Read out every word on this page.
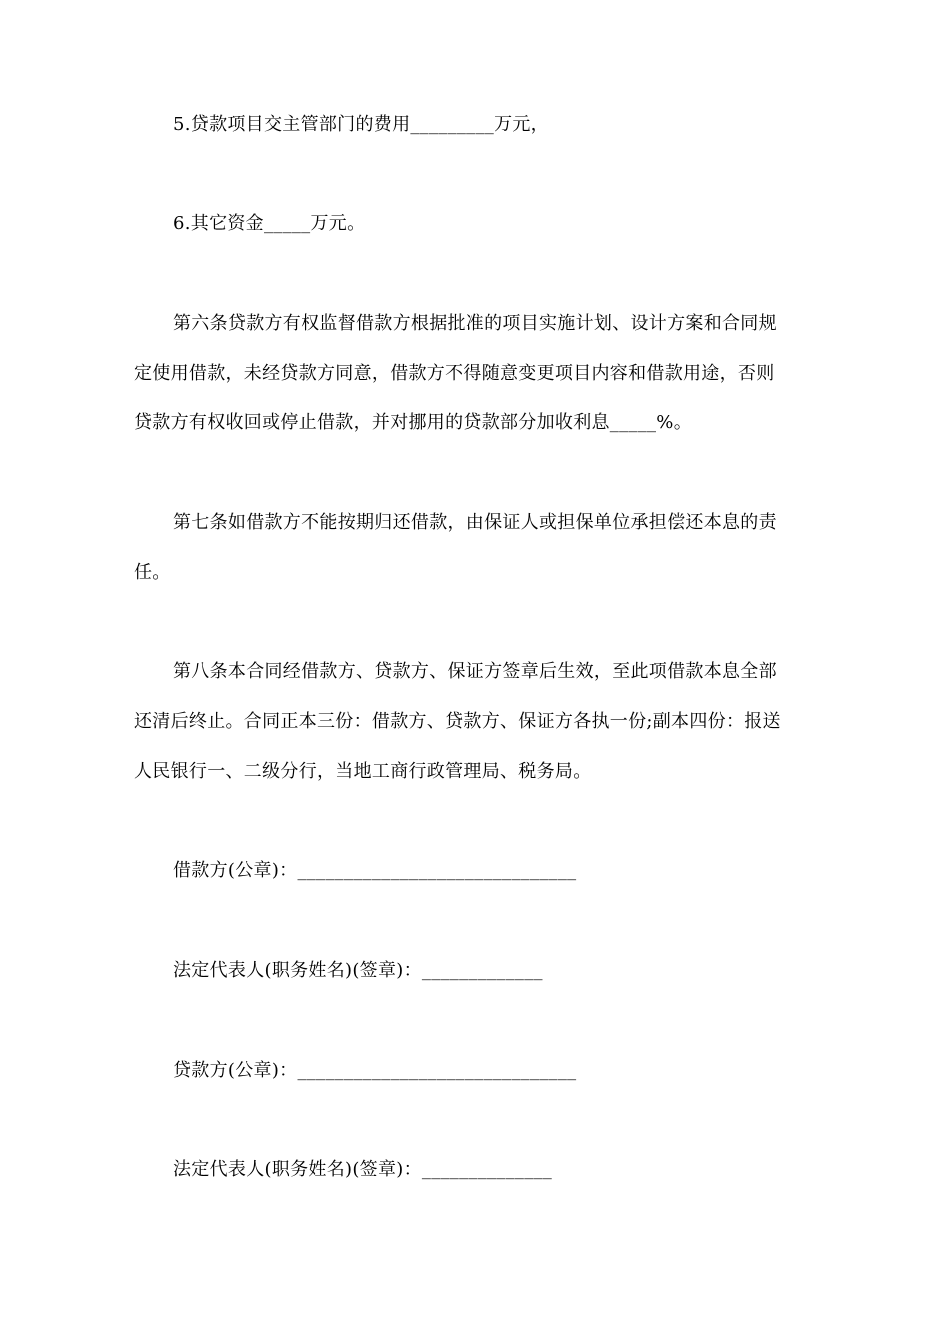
5.贷款项目交主管部门的费用_________万元，
6.其它资金_____万元。
第六条贷款方有权监督借款方根据批准的项目实施计划、设计方案和合同规
定使用借款，未经贷款方同意，借款方不得随意变更项目内容和借款用途，否则
贷款方有权收回或停止借款，并对挪用的贷款部分加收利息_____%。
第七条如借款方不能按期归还借款，由保证人或担保单位承担偿还本息的责
任。
第八条本合同经借款方、贷款方、保证方签章后生效，至此项借款本息全部
还清后终止。合同正本三份：借款方、贷款方、保证方各执一份;副本四份：报送
人民银行一、二级分行，当地工商行政管理局、税务局。
借款方(公章)：______________________________
法定代表人(职务姓名)(签章)：_____________
贷款方(公章)：______________________________
法定代表人(职务姓名)(签章)：______________
